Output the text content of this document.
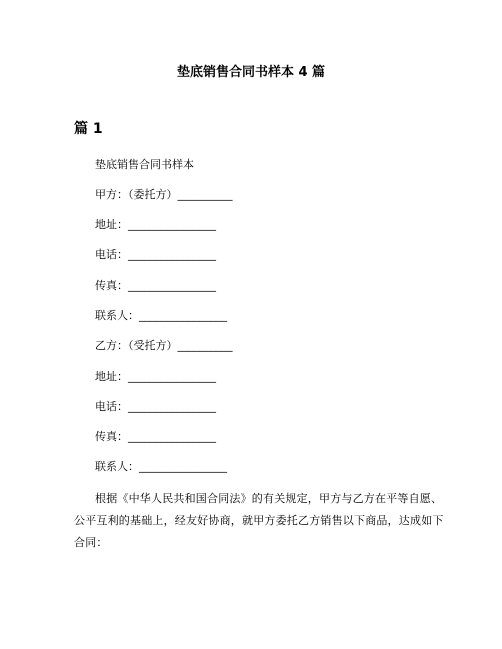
垫底销售合同书样本 4 篇
篇 1
垫底销售合同书样本
甲方：（委托方）__________
地址：________________
电话：________________
传真：________________
联系人：________________
乙方：（受托方）__________
地址：________________
电话：________________
传真：________________
联系人：________________
根据《中华人民共和国合同法》的有关规定，甲方与乙方在平等自愿、公平互利的基础上，经友好协商，就甲方委托乙方销售以下商品，达成如下合同：
